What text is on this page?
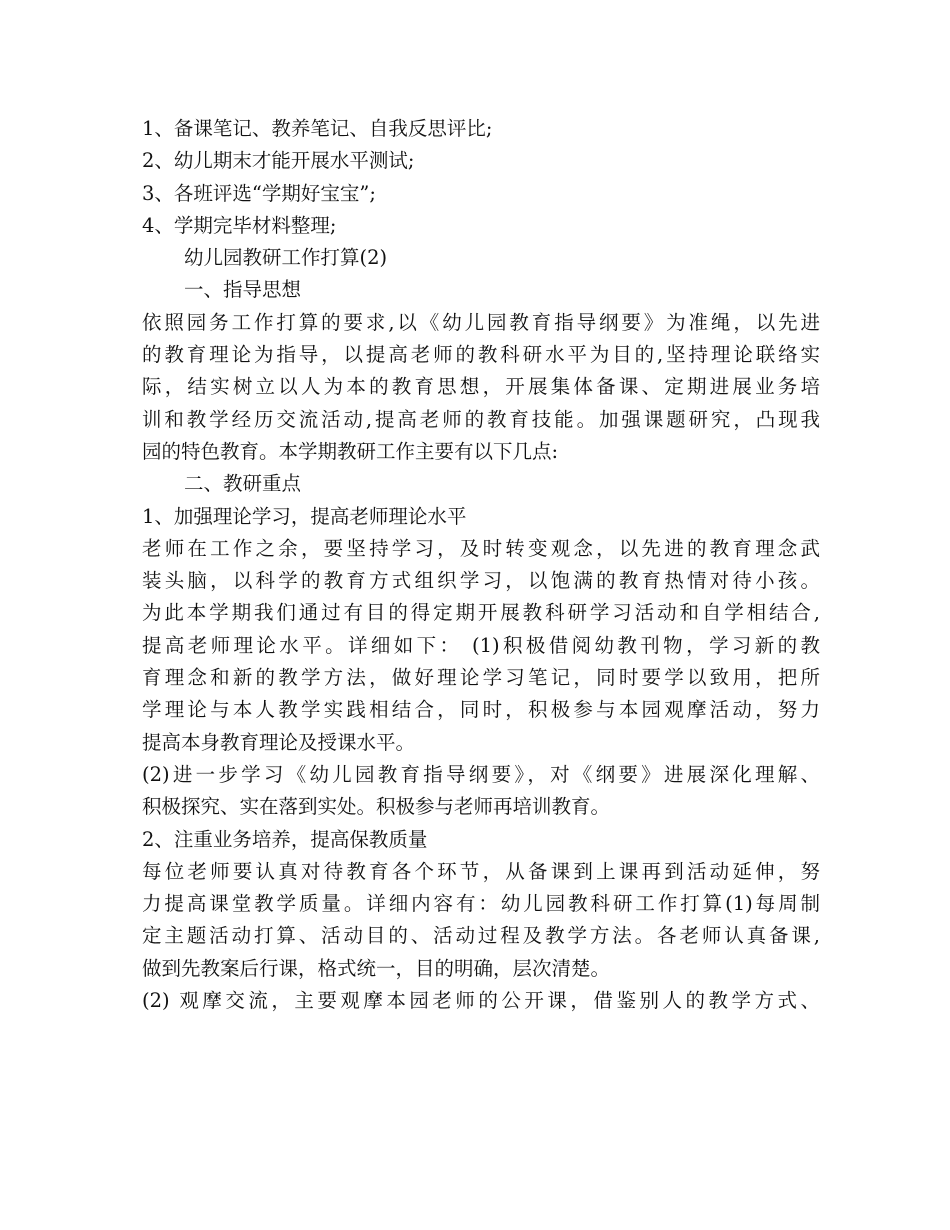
1、备课笔记、教养笔记、自我反思评比;
2、幼儿期末才能开展水平测试;
3、各班评选“学期好宝宝”;
4、学期完毕材料整理;
幼儿园教研工作打算(2)
一、指导思想
依照园务工作打算的要求,以《幼儿园教育指导纲要》为准绳，以先进
的教育理论为指导，以提高老师的教科研水平为目的,坚持理论联络实
际，结实树立以人为本的教育思想，开展集体备课、定期进展业务培
训和教学经历交流活动,提高老师的教育技能。加强课题研究，凸现我
园的特色教育。本学期教研工作主要有以下几点:
二、教研重点
1、加强理论学习，提高老师理论水平
老师在工作之余，要坚持学习，及时转变观念，以先进的教育理念武
装头脑，以科学的教育方式组织学习，以饱满的教育热情对待小孩。
为此本学期我们通过有目的得定期开展教科研学习活动和自学相结合,
提高老师理论水平。详细如下： (1)积极借阅幼教刊物，学习新的教
育理念和新的教学方法，做好理论学习笔记，同时要学以致用，把所
学理论与本人教学实践相结合，同时，积极参与本园观摩活动，努力
提高本身教育理论及授课水平。
(2)进一步学习《幼儿园教育指导纲要》，对《纲要》进展深化理解、
积极探究、实在落到实处。积极参与老师再培训教育。
2、注重业务培养，提高保教质量
每位老师要认真对待教育各个环节，从备课到上课再到活动延伸，努
力提高课堂教学质量。详细内容有：幼儿园教科研工作打算(1)每周制
定主题活动打算、活动目的、活动过程及教学方法。各老师认真备课,
做到先教案后行课，格式统一，目的明确，层次清楚。
(2) 观摩交流，主要观摩本园老师的公开课，借鉴别人的教学方式、
